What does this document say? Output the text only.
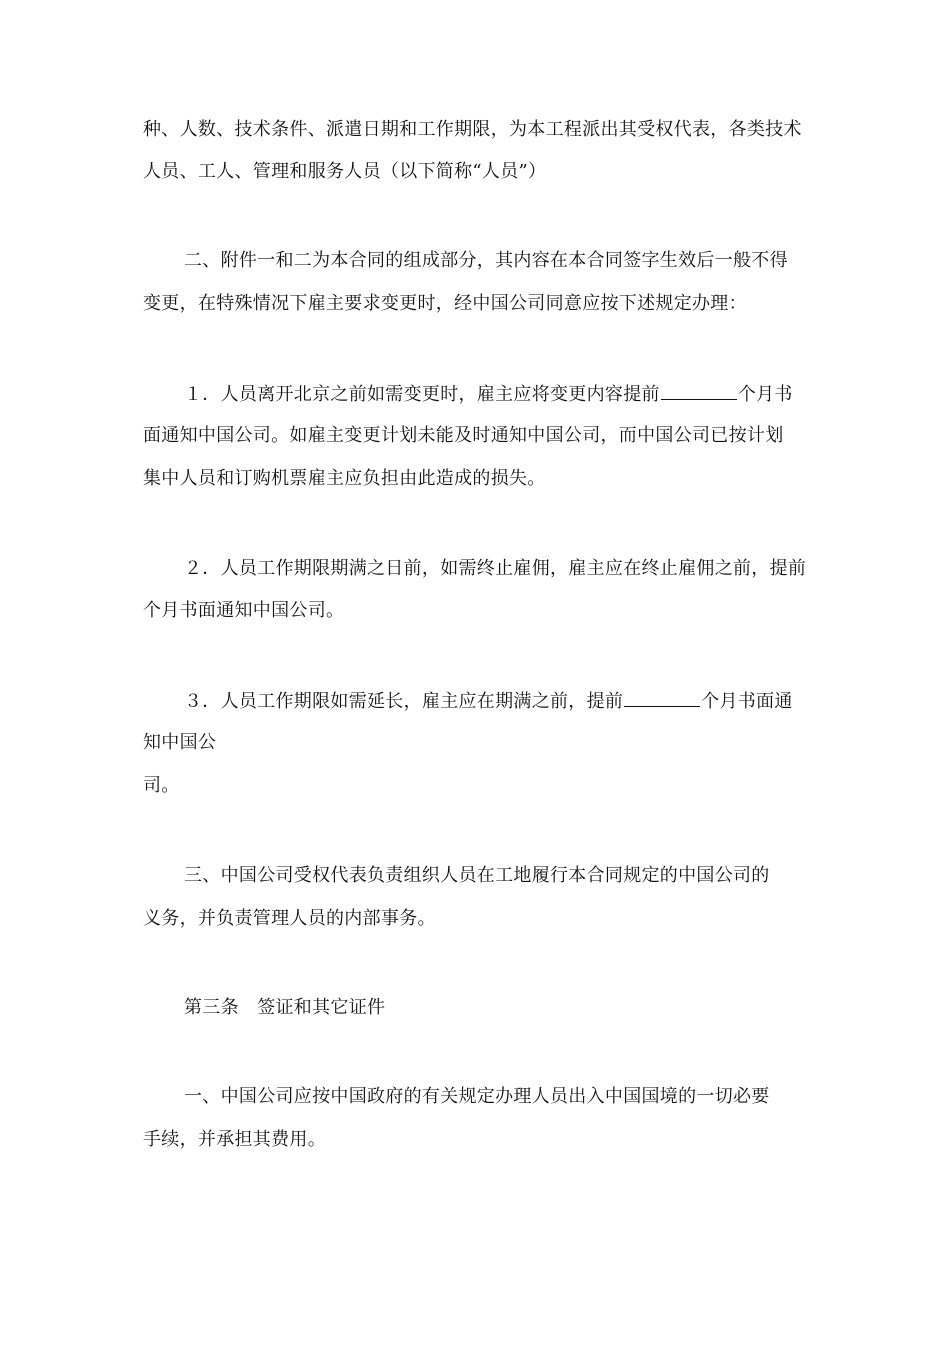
种、人数、技术条件、派遣日期和工作期限，为本工程派出其受权代表，各类技术
人员、工人、管理和服务人员（以下简称“人员”）
二、附件一和二为本合同的组成部分，其内容在本合同签字生效后一般不得
变更，在特殊情况下雇主要求变更时，经中国公司同意应按下述规定办理：
１．人员离开北京之前如需变更时，雇主应将变更内容提前	个月书
面通知中国公司。如雇主变更计划未能及时通知中国公司，而中国公司已按计划
集中人员和订购机票雇主应负担由此造成的损失。
２．人员工作期限期满之日前，如需终止雇佣，雇主应在终止雇佣之前，提前
个月书面通知中国公司。
３．人员工作期限如需延长，雇主应在期满之前，提前	个月书面通
知中国公
司。
三、中国公司受权代表负责组织人员在工地履行本合同规定的中国公司的
义务，并负责管理人员的内部事务。
第三条　签证和其它证件
一、中国公司应按中国政府的有关规定办理人员出入中国国境的一切必要
手续，并承担其费用。
